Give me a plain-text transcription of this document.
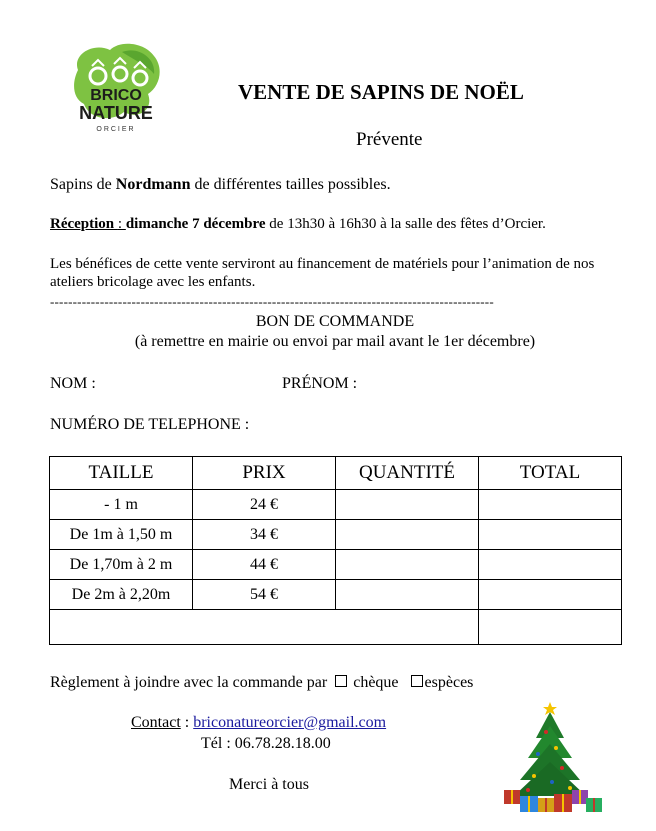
BRICO
NATURE
ORCIER
VENTE DE SAPINS DE NOËL
Prévente
Sapins de Nordmann de différentes tailles possibles.
Réception : dimanche 7 décembre de 13h30 à 16h30 à la salle des fêtes d’Orcier.
Les bénéfices de cette vente serviront au financement de matériels pour l’animation de nos ateliers bricolage avec les enfants.
--------------------------------------------------------------------------------------------------
BON DE COMMANDE
(à remettre en mairie ou envoi par mail avant le 1er décembre)
NOM :	PRÉNOM :
NUMÉRO DE TELEPHONE :
TAILLE	PRIX	QUANTITÉ	TOTAL
- 1 m	24 €		
De 1m à 1,50 m	34 €		
De 1,70m à 2 m	44 €		
De 2m à 2,20m	54 €		

Règlement à joindre avec la commande par chèque espèces
Contact : briconatureorcier@gmail.com
Tél : 06.78.28.18.00
Merci à tous
